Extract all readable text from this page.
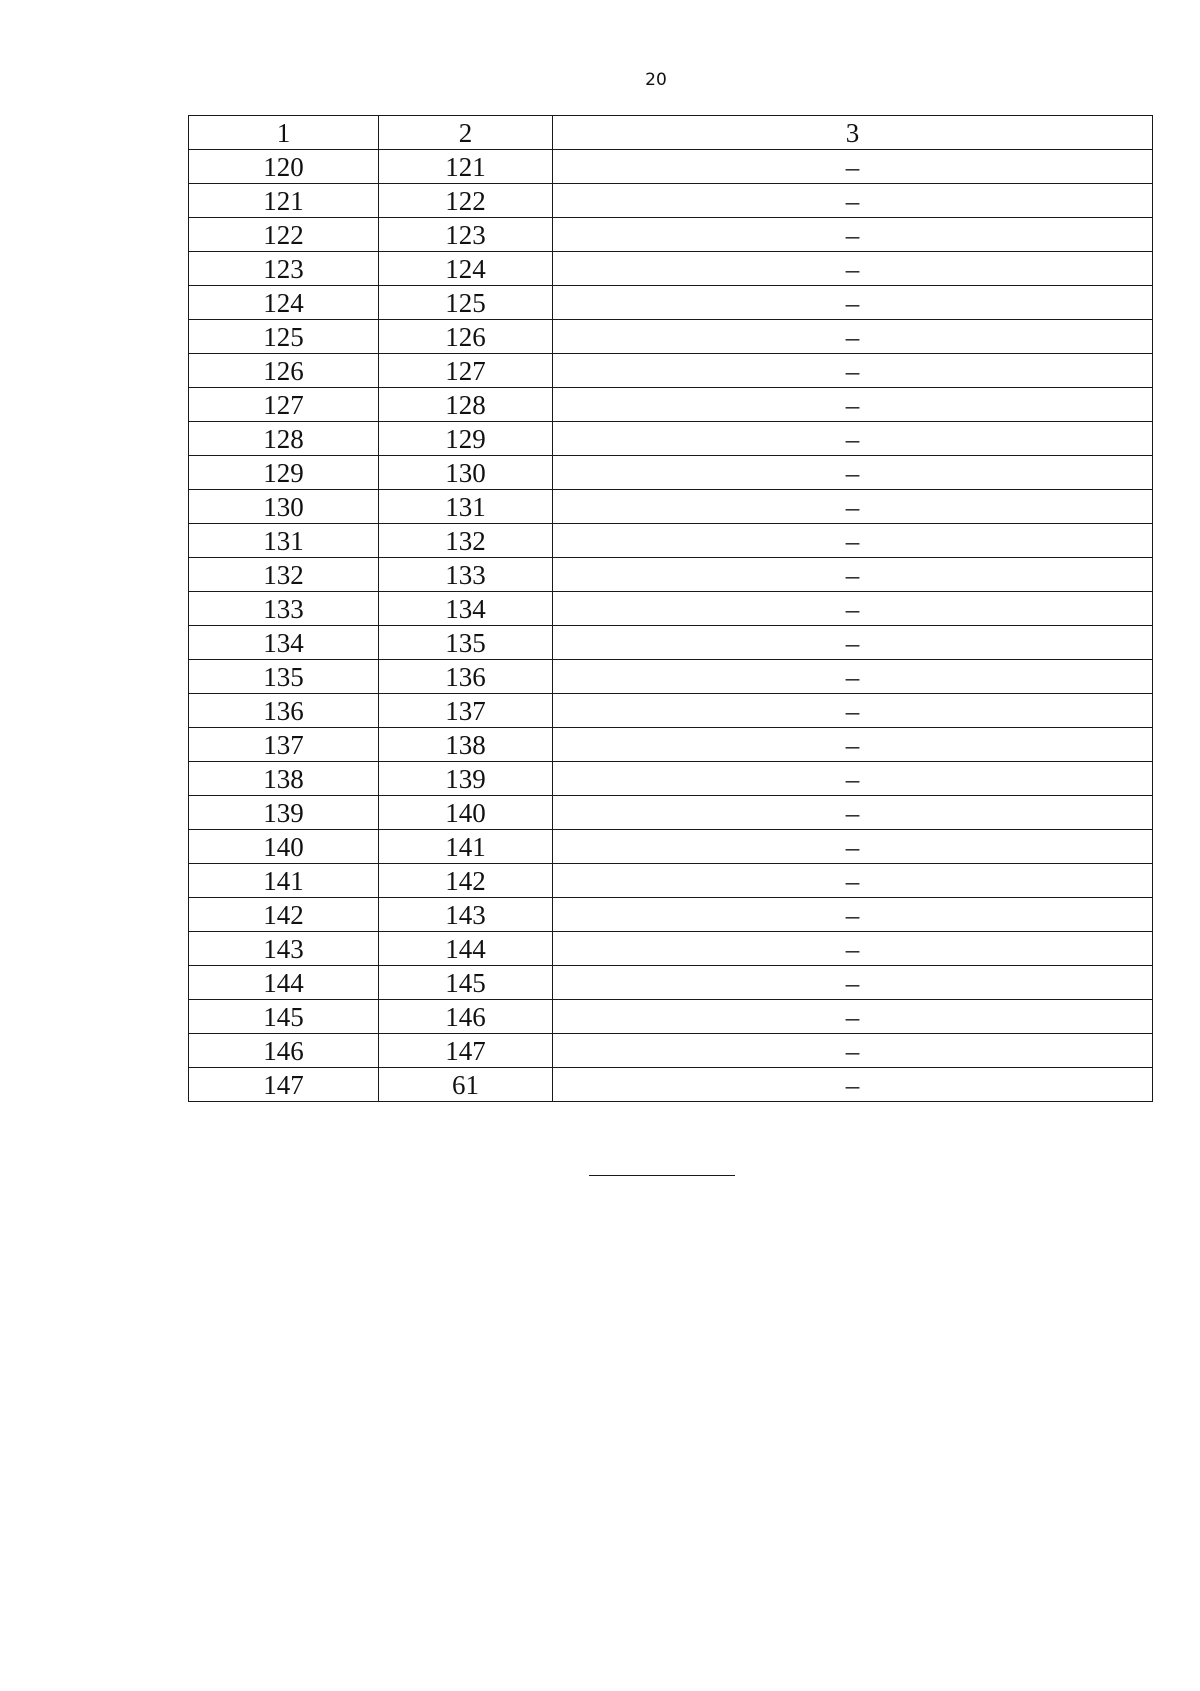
20
1	2	3
120	121	–
121	122	–
122	123	–
123	124	–
124	125	–
125	126	–
126	127	–
127	128	–
128	129	–
129	130	–
130	131	–
131	132	–
132	133	–
133	134	–
134	135	–
135	136	–
136	137	–
137	138	–
138	139	–
139	140	–
140	141	–
141	142	–
142	143	–
143	144	–
144	145	–
145	146	–
146	147	–
147	61	–
